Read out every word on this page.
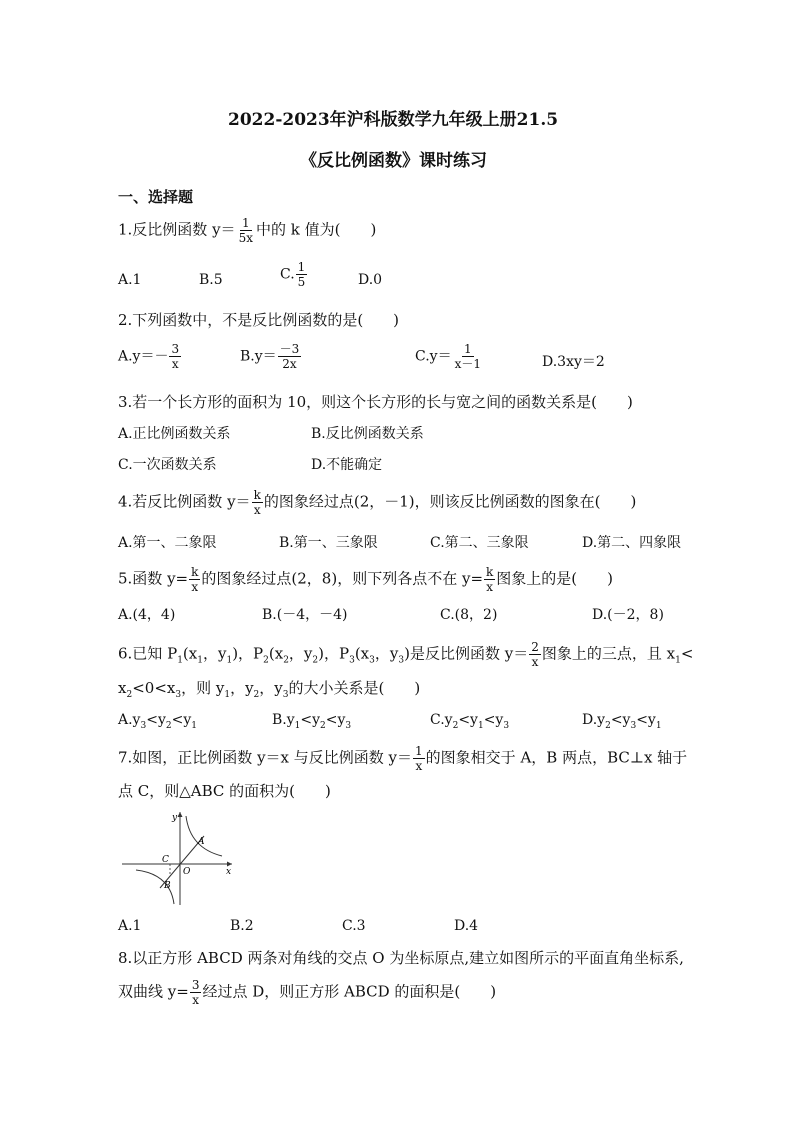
2022-2023年沪科版数学九年级上册21.5
《反比例函数》课时练习
一、选择题
1.反比例函数 $y= \frac{1}{5x}$ 中的 k 值为(　　)
A.1	B.5	C. $\frac{1}{5}$	D.0
2.下列函数中，不是反比例函数的是(　　)
$A.y=- \frac{3}{x}$	$B.y= \frac{-3}{2x}$	$C.y= \frac{1}{x-1}$	D.3xy＝2
3.若一个长方形的面积为 10，则这个长方形的长与宽之间的函数关系是(　　)
A.正比例函数关系	B.反比例函数关系
C.一次函数关系	D.不能确定
4.若反比例函数 $y= \frac{k}{x}$ 的图象经过点(2，－1)，则该反比例函数的图象在(　　)
A.第一、二象限	B.第一、三象限	C.第二、三象限	D.第二、四象限
5.函数 $y= \frac{k}{x}$ 的图象经过点(2，8)，则下列各点不在 $y= \frac{k}{x}$ 图象上的是(　　)
A.(4，4)	B.(－4，－4)	C.(8，2)	D.(－2，8)
6.已知 $P_1(x_1$，$y_1$)，$P_2(x_2$，$y_2$)，$P_3(x_3$，$y_3$)是反比例函数 $y= \frac{2}{x}$ 图象上的三点，且 $x_1<$
$x_2<0<x_3$，则 $y_1$，$y_2$，$y_3$的大小关系是(　　)
$A.y_3<y_2<y_1$	$B.y_1<y_2<y_3$	$C.y_2<y_1<y_3$	$D.y_2<y_3<y_1$
7.如图，正比例函数 y＝x 与反比例函数 $y= \frac{1}{x}$ 的图象相交于 A，B 两点，BC⊥x 轴于
点 C，则△ABC 的面积为(　　)
y
x
A
B
C
O
A.1	B.2	C.3	D.4
8.以正方形 ABCD 两条对角线的交点 O 为坐标原点,建立如图所示的平面直角坐标系,
双曲线 $y= \frac{3}{x}$ 经过点 D，则正方形 ABCD 的面积是(　　)
